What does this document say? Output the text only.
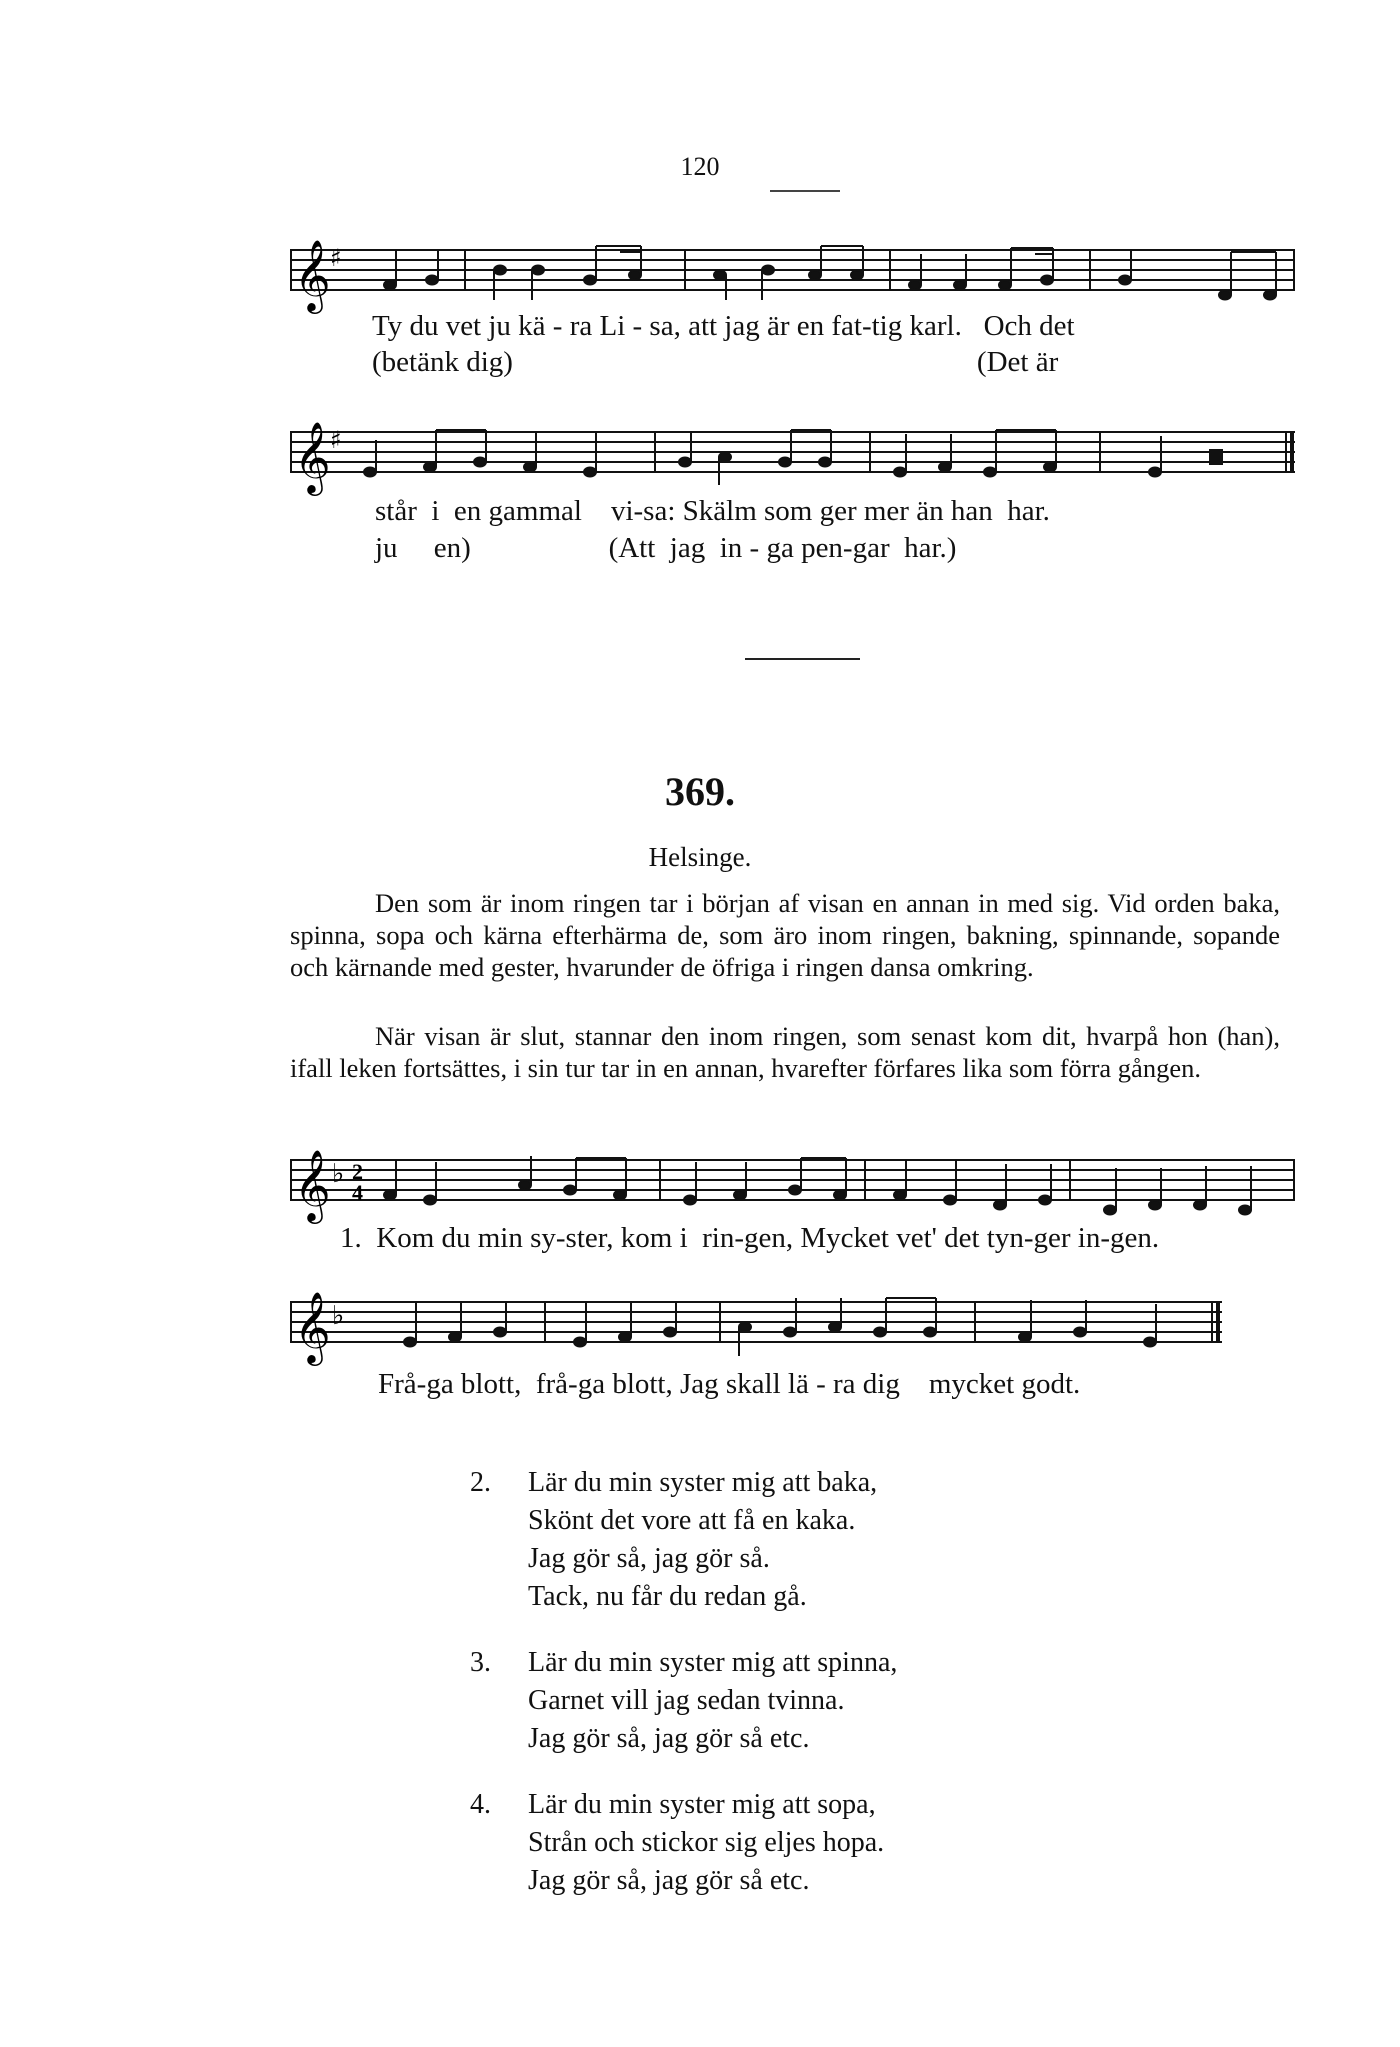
120
𝄞 ♯
Ty du vet ju kä - ra Li - sa, att jag är en fat-tig karl.   Och det
(betänk dig)                                                                (Det är
𝄞 ♯
står  i  en gammal    vi-sa: Skälm som ger mer än han  har.
ju     en)                   (Att  jag  in - ga pen-gar  har.)
369.
Helsinge.
Den som är inom ringen tar i början af visan en annan in med sig. Vid orden baka, spinna, sopa och kärna efterhärma de, som äro inom ringen, bakning, spinnande, sopande och kärnande med gester, hvarunder de öfriga i ringen dansa omkring.
När visan är slut, stannar den inom ringen, som senast kom dit, hvarpå hon (han), ifall leken fortsättes, i sin tur tar in en annan, hvarefter förfares lika som förra gången.
𝄞 ♭ 2
4
1.  Kom du min sy-ster, kom i  rin-gen, Mycket vet' det tyn-ger in-gen.
𝄞 ♭
Frå-ga blott,  frå-ga blott, Jag skall lä - ra dig    mycket godt.
2. Lär du min syster mig att baka,
Skönt det vore att få en kaka.
Jag gör så, jag gör så.
Tack, nu får du redan gå.
3. Lär du min syster mig att spinna,
Garnet vill jag sedan tvinna.
Jag gör så, jag gör så etc.
4. Lär du min syster mig att sopa,
Strån och stickor sig eljes hopa.
Jag gör så, jag gör så etc.
